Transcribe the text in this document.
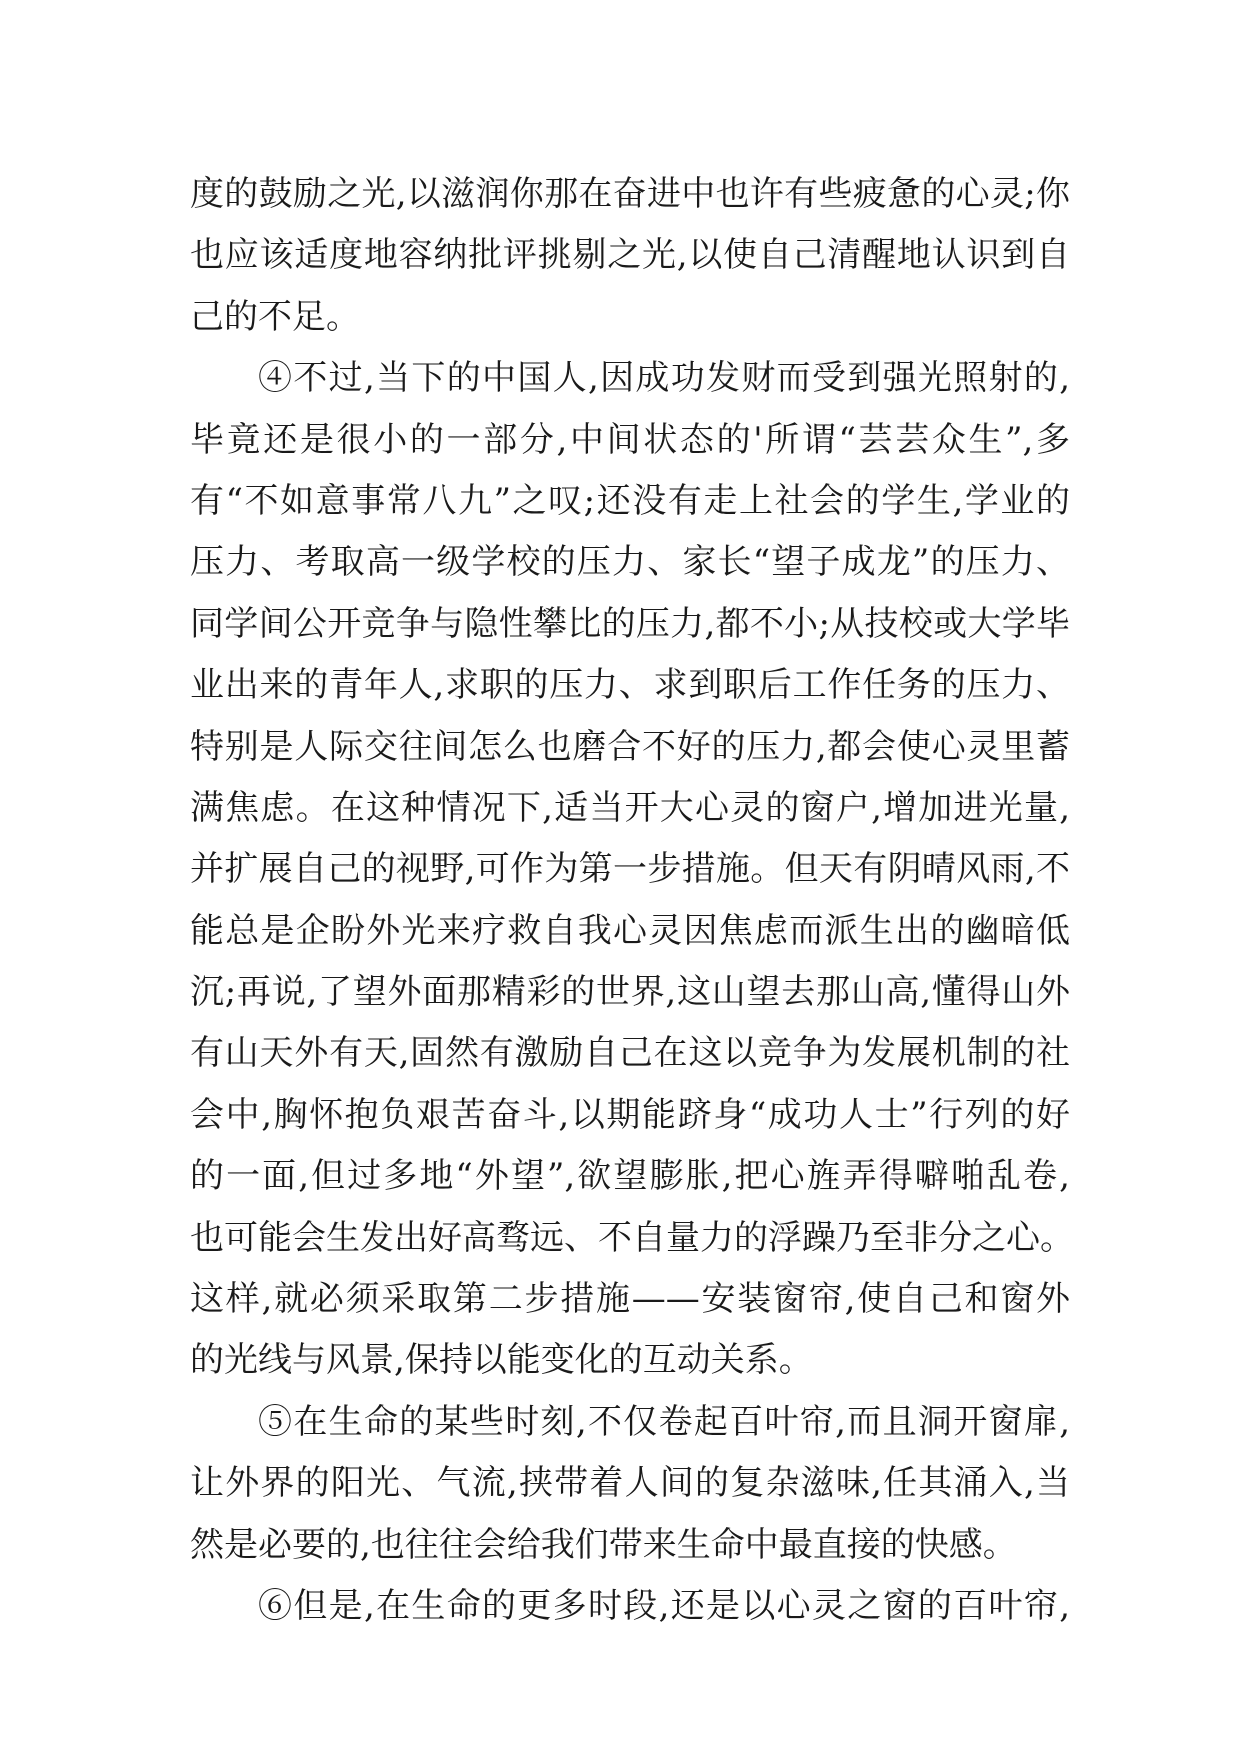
度的鼓励之光,以滋润你那在奋进中也许有些疲惫的心灵;你
也应该适度地容纳批评挑剔之光,以使自己清醒地认识到自
己的不足。
④不过,当下的中国人,因成功发财而受到强光照射的,
毕竟还是很小的一部分,中间状态的'所谓“芸芸众生”,多
有“不如意事常八九”之叹;还没有走上社会的学生,学业的
压力、考取高一级学校的压力、家长“望子成龙”的压力、
同学间公开竞争与隐性攀比的压力,都不小;从技校或大学毕
业出来的青年人,求职的压力、求到职后工作任务的压力、
特别是人际交往间怎么也磨合不好的压力,都会使心灵里蓄
满焦虑。在这种情况下,适当开大心灵的窗户,增加进光量,
并扩展自己的视野,可作为第一步措施。但天有阴晴风雨,不
能总是企盼外光来疗救自我心灵因焦虑而派生出的幽暗低
沉;再说,了望外面那精彩的世界,这山望去那山高,懂得山外
有山天外有天,固然有激励自己在这以竞争为发展机制的社
会中,胸怀抱负艰苦奋斗,以期能跻身“成功人士”行列的好
的一面,但过多地“外望”,欲望膨胀,把心旌弄得噼啪乱卷,
也可能会生发出好高骛远、不自量力的浮躁乃至非分之心。
这样,就必须采取第二步措施——安装窗帘,使自己和窗外
的光线与风景,保持以能变化的互动关系。
⑤在生命的某些时刻,不仅卷起百叶帘,而且洞开窗扉,
让外界的阳光、气流,挟带着人间的复杂滋味,任其涌入,当
然是必要的,也往往会给我们带来生命中最直接的快感。
⑥但是,在生命的更多时段,还是以心灵之窗的百叶帘,
